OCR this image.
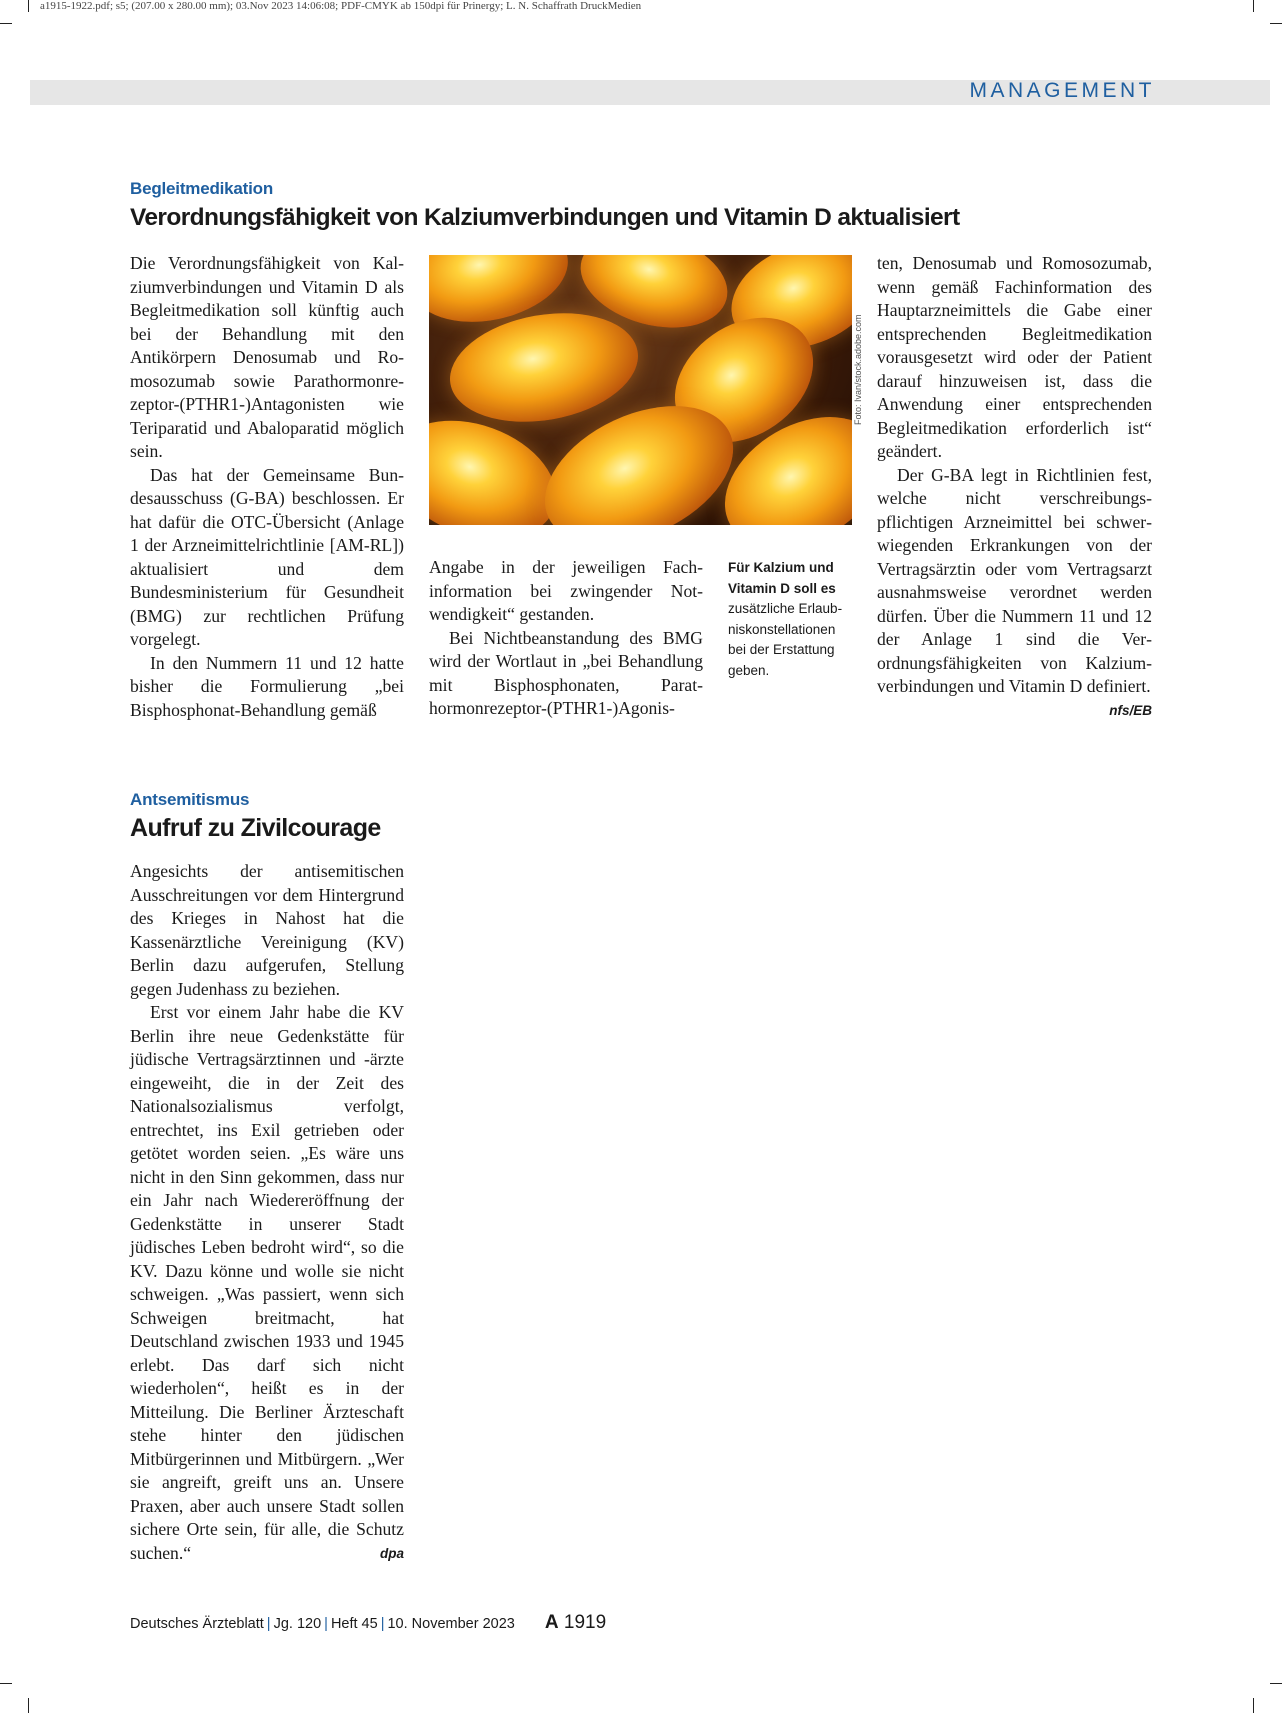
a1915-1922.pdf; s5; (207.00 x 280.00 mm); 03.Nov 2023 14:06:08; PDF-CMYK ab 150dpi für Prinergy; L. N. Schaffrath DruckMedien
MANAGEMENT
Begleitmedikation
Verordnungsfähigkeit von Kalziumverbindungen und Vitamin D aktualisiert

Die Verordnungsfähigkeit von Kalziumverbindungen und Vitamin D als Begleitmedikation soll künftig auch bei der Behandlung mit den Antikörpern Denosumab und Romosozumab sowie Parathormonrezeptor-(PTHR1-)Antagonisten wie Teriparatid und Abaloparatid möglich sein.

Das hat der Gemeinsame Bundesausschuss (G-BA) beschlossen. Er hat dafür die OTC-Übersicht (Anlage 1 der Arzneimittelrichtlinie [AM-RL]) aktualisiert und dem Bundesministerium für Gesundheit (BMG) zur rechtlichen Prüfung vorgelegt.

In den Nummern 11 und 12 hatte bisher die Formulierung „bei Bisphosphonat-Behandlung gemäß

Foto: Ivan/stock.adobe.com

Angabe in der jeweiligen Fachinformation bei zwingender Notwendigkeit“ gestanden.

Bei Nichtbeanstandung des BMG wird der Wortlaut in „bei Behandlung mit Bisphosphonaten, Parathormonrezeptor-(PTHR1-)Agonis-

Für Kalzium und Vitamin D soll es zusätzliche Erlaubniskonstellationen bei der Erstattung geben.

ten, Denosumab und Romosozumab, wenn gemäß Fachinformation des Hauptarzneimittels die Gabe einer entsprechenden Begleitmedikation vorausgesetzt wird oder der Patient darauf hinzuweisen ist, dass die Anwendung einer entsprechenden Begleitmedikation erforderlich ist“ geändert.

Der G-BA legt in Richtlinien fest, welche nicht verschreibungspflichtigen Arzneimittel bei schwerwiegenden Erkrankungen von der Vertragsärztin oder vom Vertragsarzt ausnahmsweise verordnet werden dürfen. Über die Nummern 11 und 12 der Anlage 1 sind die Verordnungsfähigkeiten von Kalziumverbindungen und Vitamin D definiert.
nfs/EB

Antsemitismus
Aufruf zu Zivilcourage

Angesichts der antisemitischen Ausschreitungen vor dem Hintergrund des Krieges in Nahost hat die Kassenärztliche Vereinigung (KV) Berlin dazu aufgerufen, Stellung gegen Judenhass zu beziehen.

Erst vor einem Jahr habe die KV Berlin ihre neue Gedenkstätte für jüdische Vertragsärztinnen und -ärzte eingeweiht, die in der Zeit des Nationalsozialismus verfolgt, entrechtet, ins Exil getrieben oder getötet worden seien. „Es wäre uns nicht in den Sinn gekommen, dass nur ein Jahr nach Wiedereröffnung der Gedenkstätte in unserer Stadt jüdisches Leben bedroht wird“, so die KV. Dazu könne und wolle sie nicht schweigen. „Was passiert, wenn sich Schweigen breitmacht, hat Deutschland zwischen 1933 und 1945 erlebt. Das darf sich nicht wiederholen“, heißt es in der Mitteilung. Die Berliner Ärzteschaft stehe hinter den jüdischen Mitbürgerinnen und Mitbürgern. „Wer sie angreift, greift uns an. Unsere Praxen, aber auch unsere Stadt sollen sichere Orte sein, für alle, die Schutz suchen.“	dpa

Deutsches Ärzteblatt | Jg. 120 | Heft 45 | 10. November 2023 A 1919
